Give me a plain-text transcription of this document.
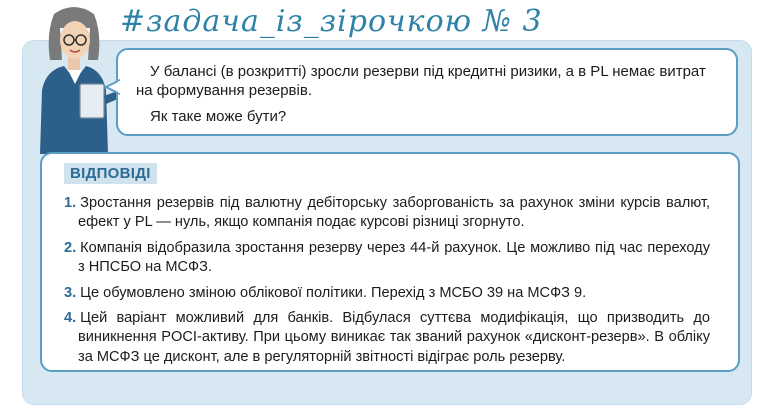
#задача_із_зірочкою № 3

У балансі (в розкритті) зросли резерви під кредитні ризики, а в PL немає витрат на формування резервів.

Як таке може бути?

ВІДПОВІДІ
1. Зростання резервів під валютну дебіторську заборгованість за рахунок зміни курсів валют, ефект у PL — нуль, якщо компанія подає курсові різниці згорнуто.
2. Компанія відобразила зростання резерву через 44-й рахунок. Це можливо під час переходу з НПСБО на МСФЗ.
3. Це обумовлено зміною облікової політики. Перехід з МСБО 39 на МСФЗ 9.
4. Цей варіант можливий для банків. Відбулася суттєва модифікація, що призводить до виникнення POCI-активу. При цьому виникає так званий рахунок «дисконт-резерв». В обліку за МСФЗ це дисконт, але в регуляторній звітності відіграє роль резерву.
